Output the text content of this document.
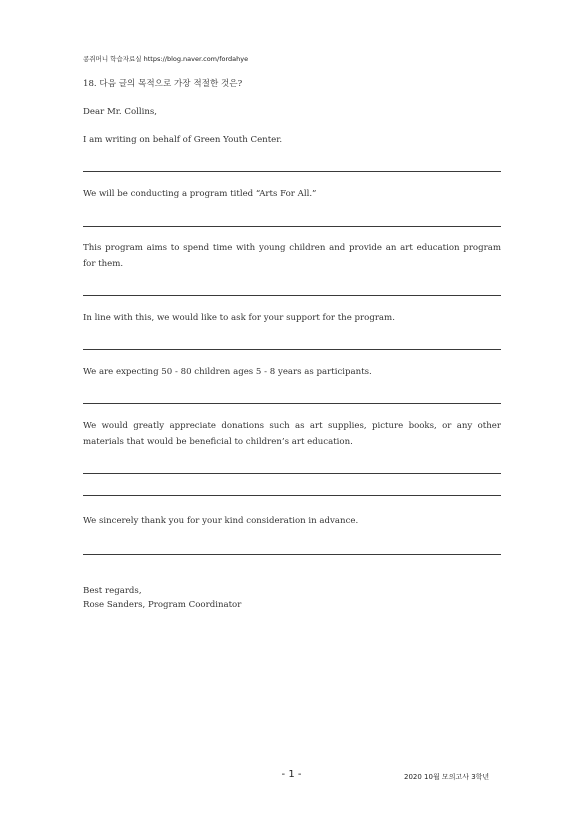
콩쥐머니 학습자료실 https://blog.naver.com/fordahye
18. 다음 글의 목적으로 가장 적절한 것은?
Dear Mr. Collins,
I am writing on behalf of Green Youth Center.
We will be conducting a program titled “Arts For All.”
This program aims to spend time with young children and provide an art education program for them.
In line with this, we would like to ask for your support for the program.
We are expecting 50 - 80 children ages 5 - 8 years as participants.
We would greatly appreciate donations such as art supplies, picture books, or any other materials that would be beneficial to children’s art education.
We sincerely thank you for your kind consideration in advance.
Best regards,
Rose Sanders, Program Coordinator
- 1 -	2020 10월 모의고사 3학년
